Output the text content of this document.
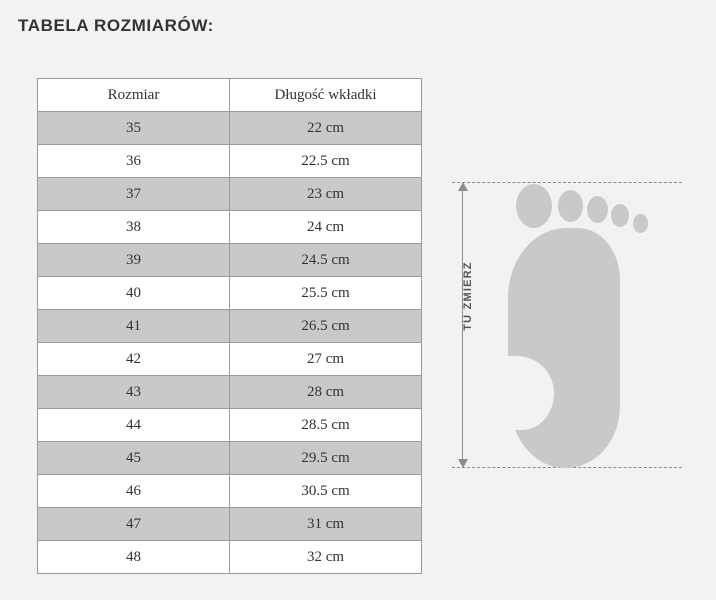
TABELA ROZMIARÓW:
Rozmiar	Długość wkładki
35	22 cm
36	22.5 cm
37	23 cm
38	24 cm
39	24.5 cm
40	25.5 cm
41	26.5 cm
42	27 cm
43	28 cm
44	28.5 cm
45	29.5 cm
46	30.5 cm
47	31 cm
48	32 cm
TU ZMIERZ
